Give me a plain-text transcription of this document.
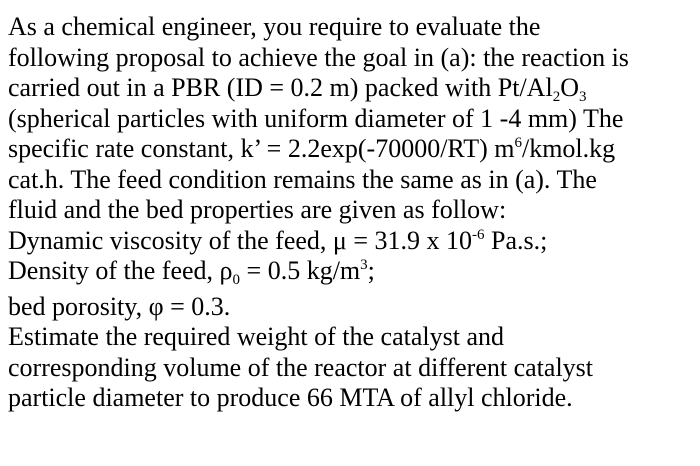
As a chemical engineer, you require to evaluate the
following proposal to achieve the goal in (a): the reaction is
carried out in a PBR (ID = 0.2 m) packed with $Pt/Al_2O_3$
(spherical particles with uniform diameter of 1 -4 mm) The
specific rate constant, k’ = 2.2exp(-70000/RT) $m^6/kmol.kg$
cat.h. The feed condition remains the same as in (a). The
fluid and the bed properties are given as follow:
Dynamic viscosity of the feed, μ = 31.9 x $10^{-6}$ Pa.s.;
Density of the feed, $\rho_0 = 0.5$ $kg/m^3$;
bed porosity, φ = 0.3.
Estimate the required weight of the catalyst and
corresponding volume of the reactor at different catalyst
particle diameter to produce 66 MTA of allyl chloride.
